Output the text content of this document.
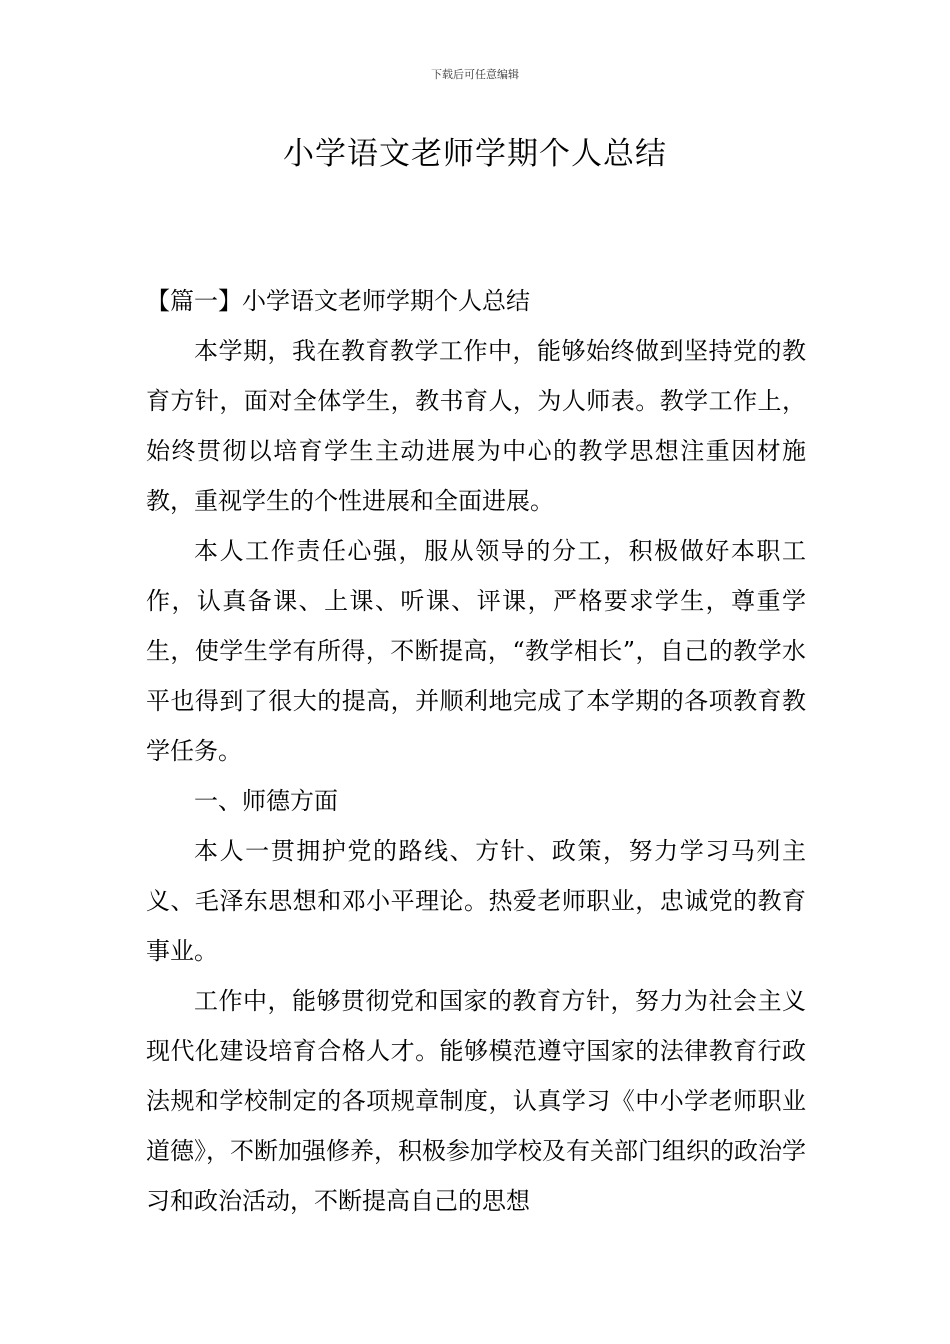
下载后可任意编辑
小学语文老师学期个人总结

【篇一】小学语文老师学期个人总结

本学期，我在教育教学工作中，能够始终做到坚持党的教育方针，面对全体学生，教书育人，为人师表。教学工作上，始终贯彻以培育学生主动进展为中心的教学思想注重因材施教，重视学生的个性进展和全面进展。

本人工作责任心强，服从领导的分工，积极做好本职工作，认真备课、上课、听课、评课，严格要求学生，尊重学生，使学生学有所得，不断提高，“教学相长”，自己的教学水平也得到了很大的提高，并顺利地完成了本学期的各项教育教学任务。

一、师德方面

本人一贯拥护党的路线、方针、政策，努力学习马列主义、毛泽东思想和邓小平理论。热爱老师职业，忠诚党的教育事业。

工作中，能够贯彻党和国家的教育方针，努力为社会主义现代化建设培育合格人才。能够模范遵守国家的法律教育行政法规和学校制定的各项规章制度，认真学习《中小学老师职业道德》，不断加强修养，积极参加学校及有关部门组织的政治学习和政治活动，不断提高自己的思想
